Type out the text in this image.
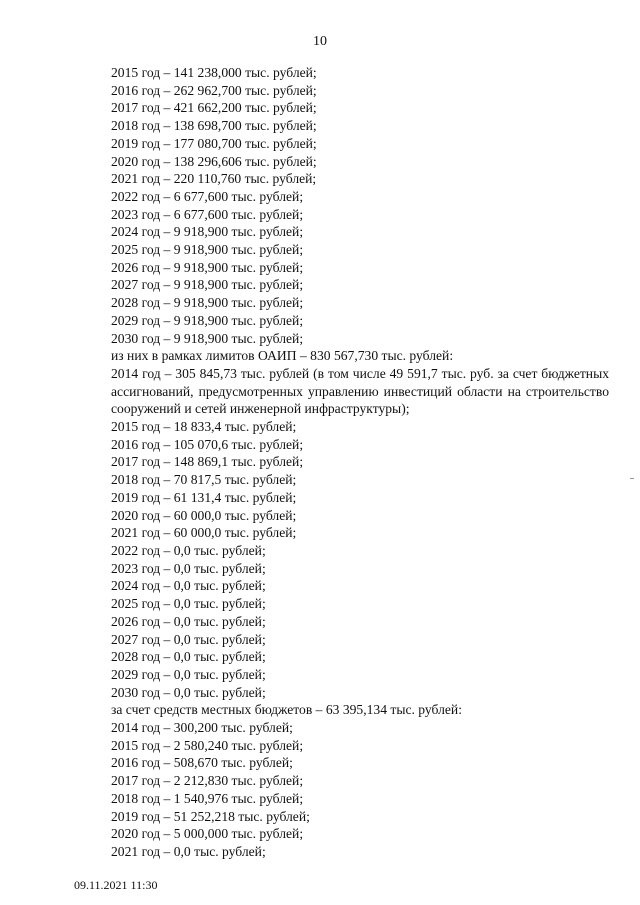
10
2015 год – 141 238,000 тыс. рублей;
2016 год – 262 962,700 тыс. рублей;
2017 год – 421 662,200 тыс. рублей;
2018 год – 138 698,700 тыс. рублей;
2019 год – 177 080,700 тыс. рублей;
2020 год – 138 296,606 тыс. рублей;
2021 год – 220 110,760 тыс. рублей;
2022 год – 6 677,600 тыс. рублей;
2023 год – 6 677,600 тыс. рублей;
2024 год – 9 918,900 тыс. рублей;
2025 год – 9 918,900 тыс. рублей;
2026 год – 9 918,900 тыс. рублей;
2027 год – 9 918,900 тыс. рублей;
2028 год – 9 918,900 тыс. рублей;
2029 год – 9 918,900 тыс. рублей;
2030 год – 9 918,900 тыс. рублей;
из них в рамках лимитов ОАИП – 830 567,730 тыс. рублей:
2014 год – 305 845,73 тыс. рублей (в том числе 49 591,7 тыс. руб. за счет бюджетных ассигнований, предусмотренных управлению инвестиций области на строительство сооружений и сетей инженерной инфраструктуры);
2015 год – 18 833,4 тыс. рублей;
2016 год – 105 070,6 тыс. рублей;
2017 год – 148 869,1 тыс. рублей;
2018 год – 70 817,5 тыс. рублей;
2019 год – 61 131,4 тыс. рублей;
2020 год – 60 000,0 тыс. рублей;
2021 год – 60 000,0 тыс. рублей;
2022 год – 0,0 тыс. рублей;
2023 год – 0,0 тыс. рублей;
2024 год – 0,0 тыс. рублей;
2025 год – 0,0 тыс. рублей;
2026 год – 0,0 тыс. рублей;
2027 год – 0,0 тыс. рублей;
2028 год – 0,0 тыс. рублей;
2029 год – 0,0 тыс. рублей;
2030 год – 0,0 тыс. рублей;
за счет средств местных бюджетов – 63 395,134 тыс. рублей:
2014 год – 300,200 тыс. рублей;
2015 год – 2 580,240 тыс. рублей;
2016 год – 508,670 тыс. рублей;
2017 год – 2 212,830 тыс. рублей;
2018 год – 1 540,976 тыс. рублей;
2019 год – 51 252,218 тыс. рублей;
2020 год – 5 000,000 тыс. рублей;
2021 год – 0,0 тыс. рублей;
09.11.2021 11:30
